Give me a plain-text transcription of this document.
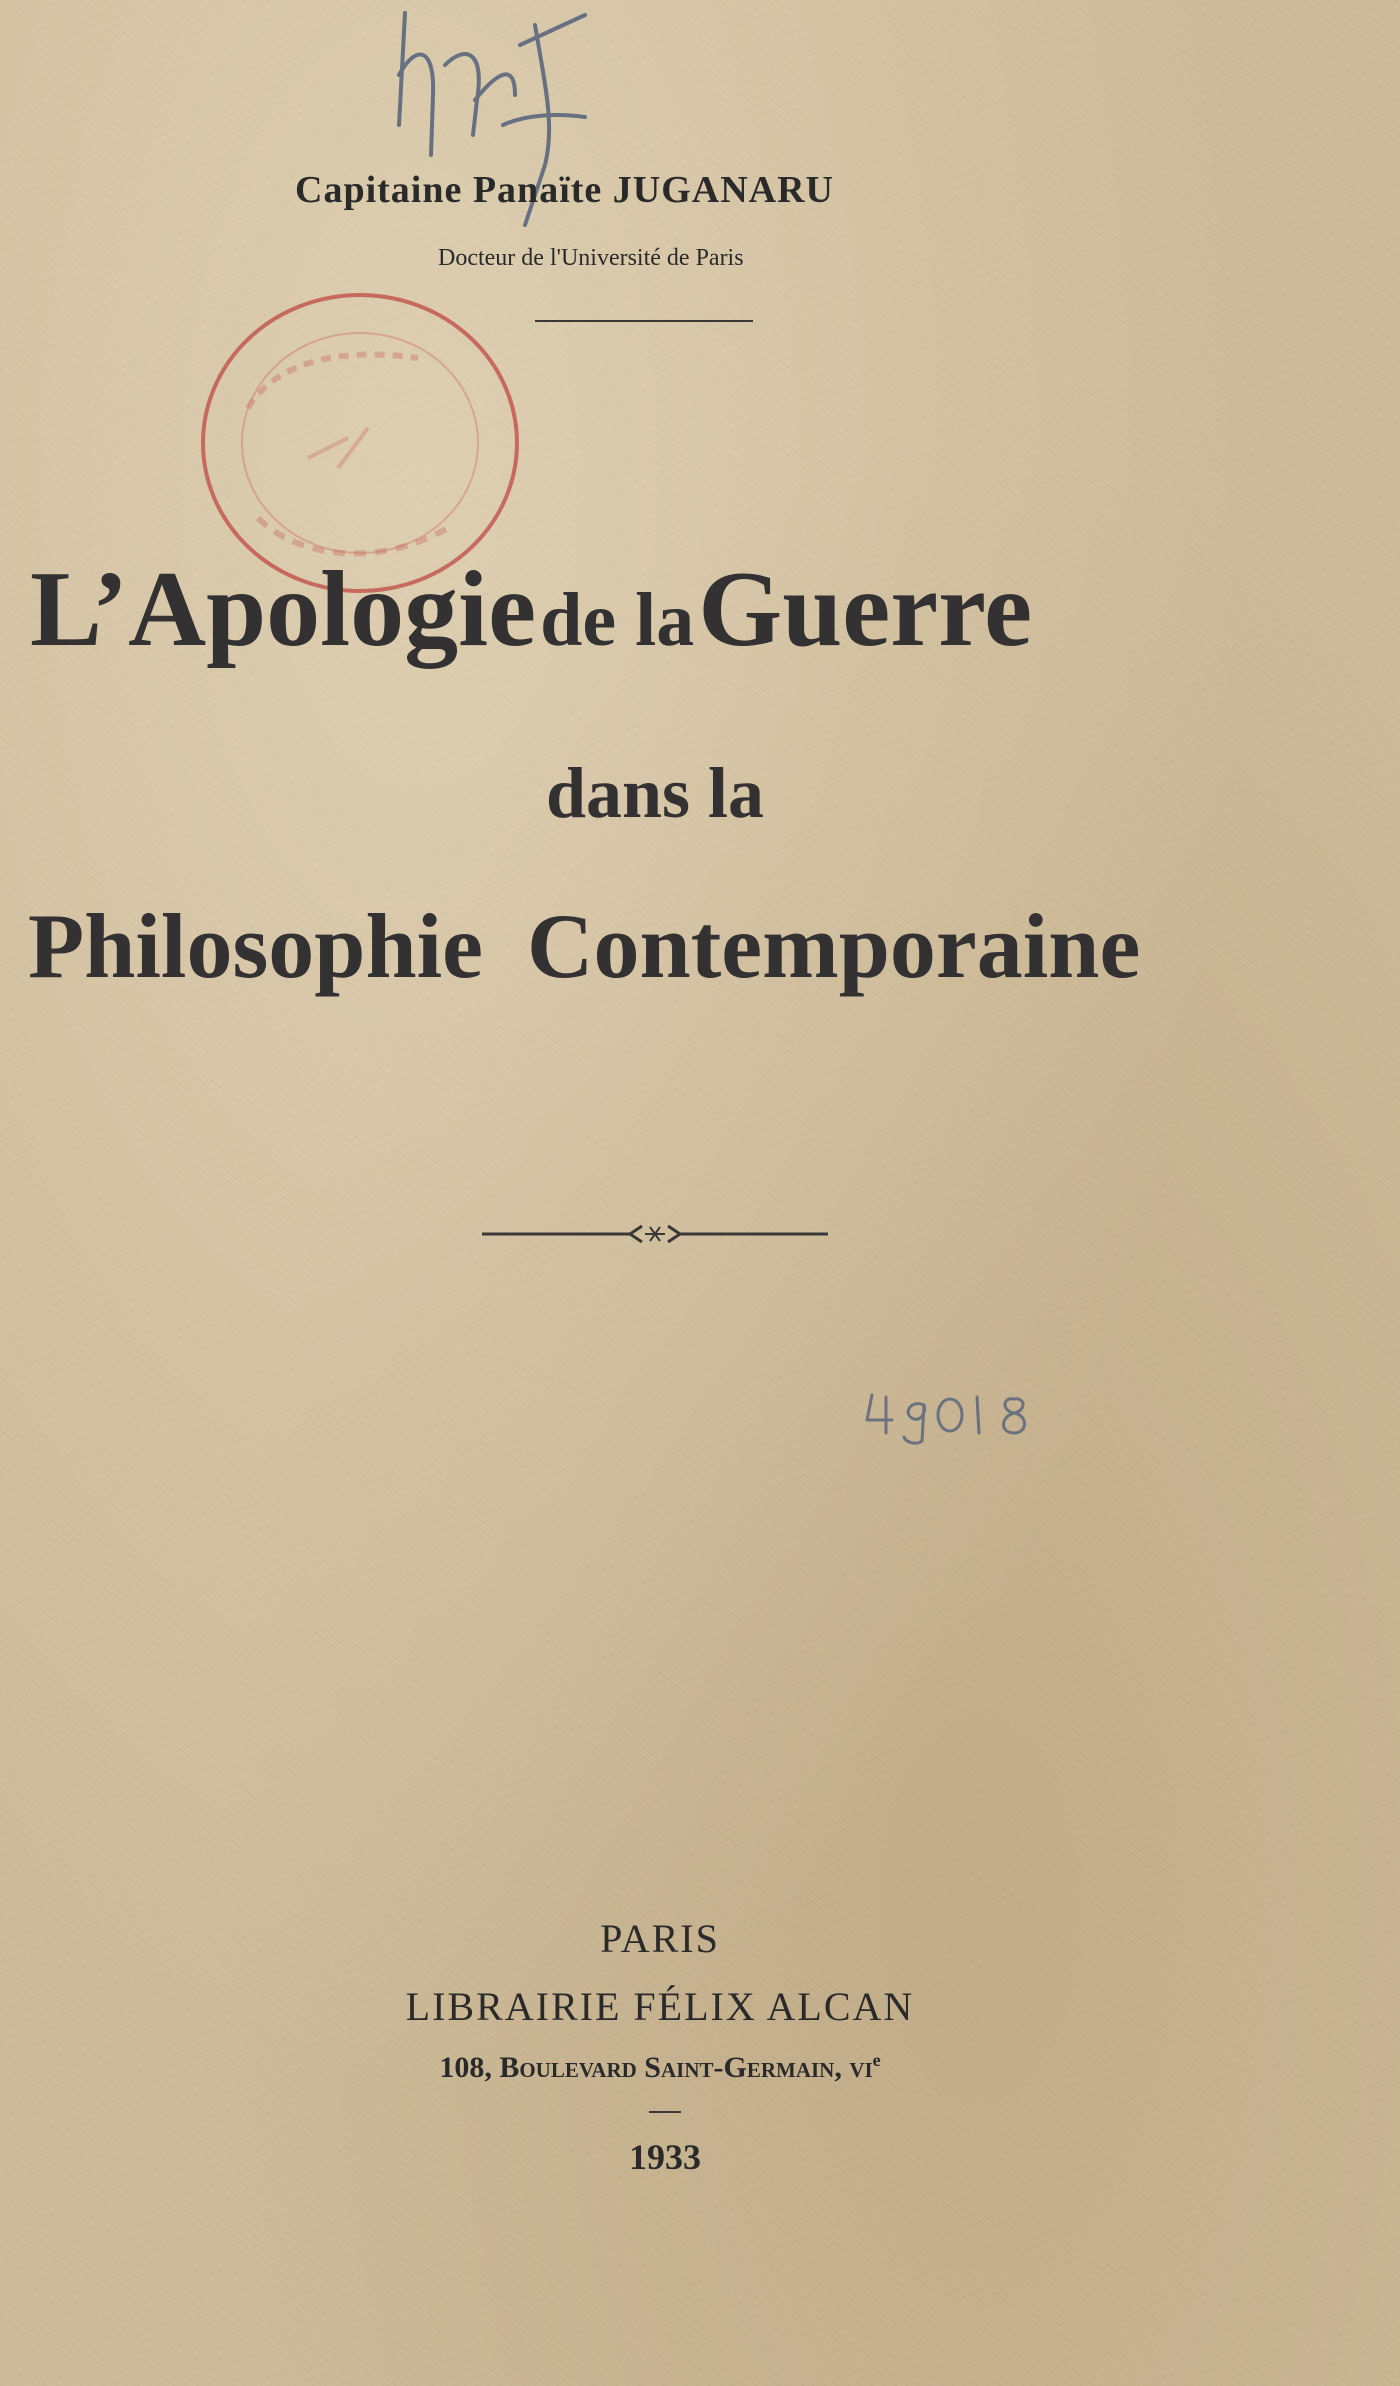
Capitaine Panaïte JUGANARU
Docteur de l'Université de Paris
L’Apologie de la Guerre
dans la
Philosophie Contemporaine
PARIS
LIBRAIRIE FÉLIX ALCAN
108, Boulevard Saint-Germain, $vi^e$
1933
